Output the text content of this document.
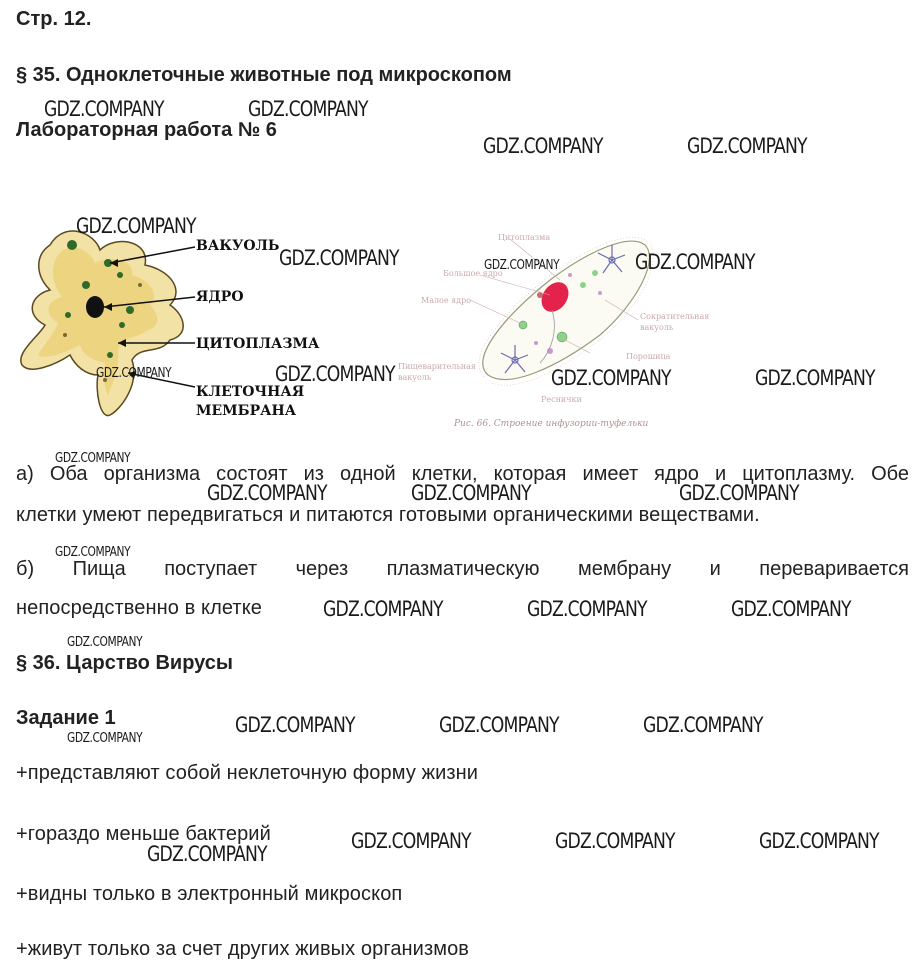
Стр. 12.
§ 35. Одноклеточные животные под микроскопом
Лабораторная работа № 6
ВАКУОЛЬ
ЯДРО
ЦИТОПЛАЗМА
КЛЕТОЧНАЯ
МЕМБРАНА
Цитоплазма
Большое ядро
Малое ядро
Пищеварительная
вакуоль
Сократительная
вакуоль
Порошица
Реснички
Рис. 66. Строение инфузории-туфельки
а) Оба организма состоят из одной клетки, которая имеет ядро и цитоплазму. Обе
клетки умеют передвигаться и питаются готовыми органическими веществами.
б) Пища поступает через плазматическую мембрану и переваривается
непосредственно в клетке
§ 36. Царство Вирусы
Задание 1
+представляют собой неклеточную форму жизни
+гораздо меньше бактерий
+видны только в электронный микроскоп
+живут только за счет других живых организмов
GDZ.COMPANY	GDZ.COMPANY
GDZ.COMPANY	GDZ.COMPANY
GDZ.COMPANY
GDZ.COMPANY	GDZ.COMPANY	GDZ.COMPANY
GDZ.COMPANY
GDZ.COMPANY	GDZ.COMPANY	GDZ.COMPANY
GDZ.COMPANY
GDZ.COMPANY	GDZ.COMPANY	GDZ.COMPANY
GDZ.COMPANY
GDZ.COMPANY	GDZ.COMPANY	GDZ.COMPANY
GDZ.COMPANY
GDZ.COMPANY	GDZ.COMPANY	GDZ.COMPANY
GDZ.COMPANY
GDZ.COMPANY	GDZ.COMPANY	GDZ.COMPANY
GDZ.COMPANY
